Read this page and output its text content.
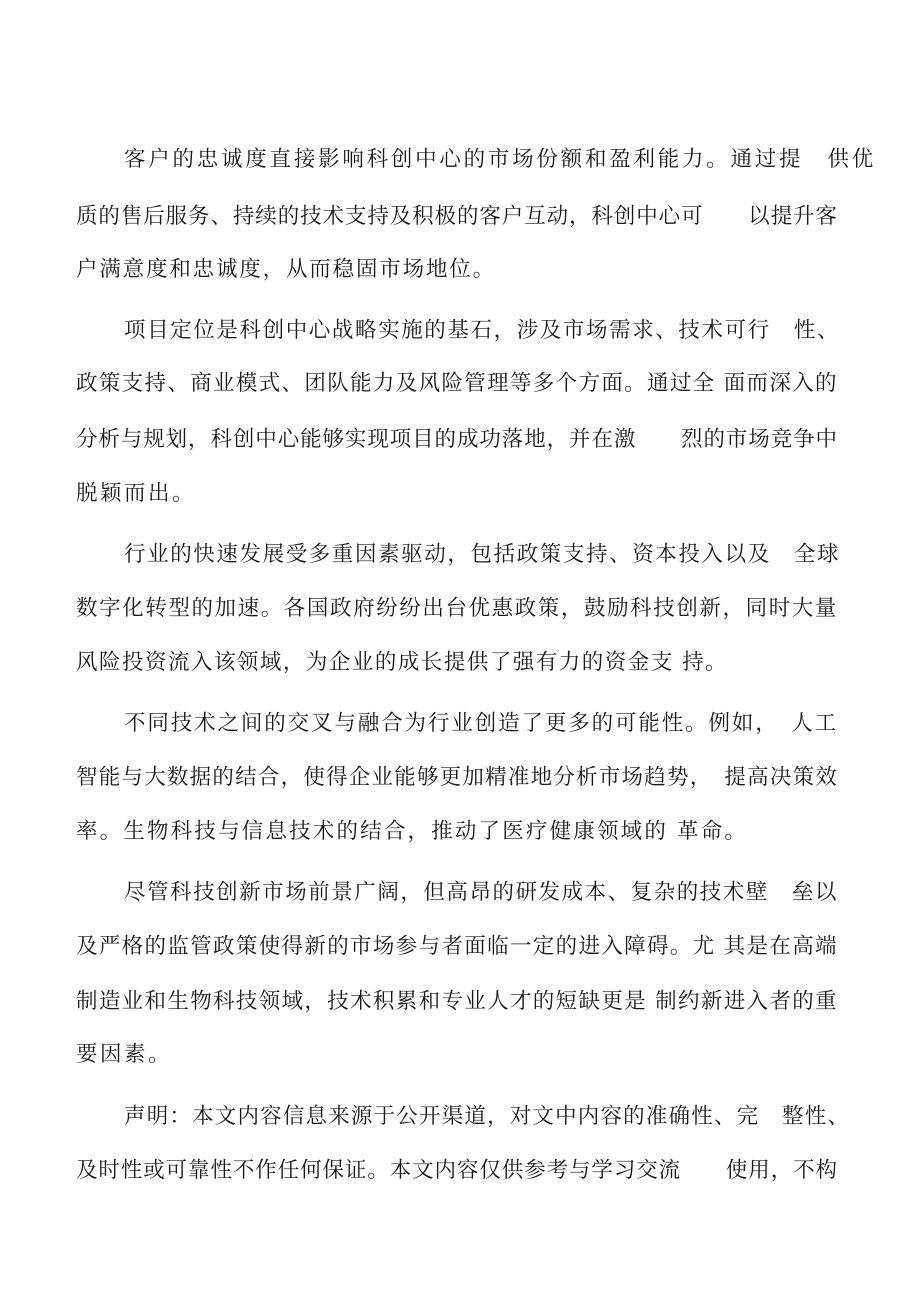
客户的忠诚度直接影响科创中心的市场份额和盈利能力。通过提　供优

质的售后服务、持续的技术支持及积极的客户互动，科创中心可　　以提升客

户满意度和忠诚度，从而稳固市场地位。

项目定位是科创中心战略实施的基石，涉及市场需求、技术可行　性、

政策支持、商业模式、团队能力及风险管理等多个方面。通过全 面而深入的

分析与规划，科创中心能够实现项目的成功落地，并在激　　烈的市场竞争中

脱颖而出。

行业的快速发展受多重因素驱动，包括政策支持、资本投入以及　全球

数字化转型的加速。各国政府纷纷出台优惠政策，鼓励科技创新，同时大量

风险投资流入该领域，为企业的成长提供了强有力的资金支 持。

不同技术之间的交叉与融合为行业创造了更多的可能性。例如，　人工

智能与大数据的结合，使得企业能够更加精准地分析市场趋势，　提高决策效

率。生物科技与信息技术的结合，推动了医疗健康领域的 革命。

尽管科技创新市场前景广阔，但高昂的研发成本、复杂的技术壁　垒以

及严格的监管政策使得新的市场参与者面临一定的进入障碍。尤 其是在高端

制造业和生物科技领域，技术积累和专业人才的短缺更是 制约新进入者的重

要因素。

声明：本文内容信息来源于公开渠道，对文中内容的准确性、完　整性、

及时性或可靠性不作任何保证。本文内容仅供参考与学习交流　　使用，不构
